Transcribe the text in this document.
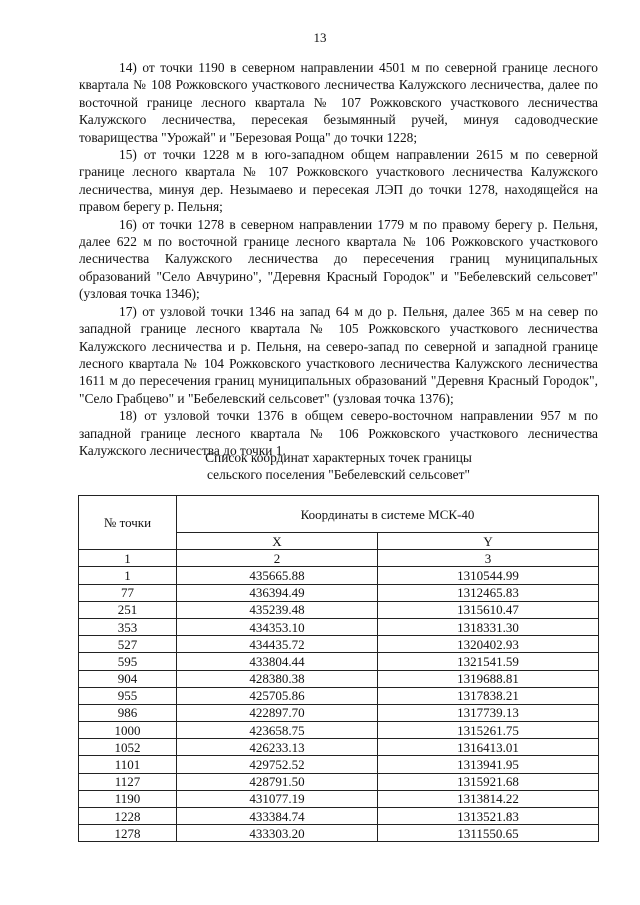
13

14) от точки 1190 в северном направлении 4501 м по северной границе лесного квартала № 108 Рожковского участкового лесничества Калужского лесничества, далее по восточной границе лесного квартала № 107 Рожковского участкового лесничества Калужского лесничества, пересекая безымянный ручей, минуя садоводческие товарищества "Урожай" и "Березовая Роща" до точки 1228;

15) от точки 1228 м в юго-западном общем направлении 2615 м по северной границе лесного квартала № 107 Рожковского участкового лесничества Калужского лесничества, минуя дер. Незымаево и пересекая ЛЭП до точки 1278, находящейся на правом берегу р. Пельня;

16) от точки 1278 в северном направлении 1779 м по правому берегу р. Пельня, далее 622 м по восточной границе лесного квартала № 106 Рожковского участкового лесничества Калужского лесничества до пересечения границ муниципальных образований "Село Авчурино", "Деревня Красный Городок" и "Бебелевский сельсовет" (узловая точка 1346);

17) от узловой точки 1346 на запад 64 м до р. Пельня, далее 365 м на север по западной границе лесного квартала № 105 Рожковского участкового лесничества Калужского лесничества и р. Пельня, на северо-запад по северной и западной границе лесного квартала № 104 Рожковского участкового лесничества Калужского лесничества 1611 м до пересечения границ муниципальных образований "Деревня Красный Городок", "Село Грабцево" и "Бебелевский сельсовет" (узловая точка 1376);

18) от узловой точки 1376 в общем северо-восточном направлении 957 м по западной границе лесного квартала № 106 Рожковского участкового лесничества Калужского лесничества до точки 1.

Список координат характерных точек границы
сельского поселения "Бебелевский сельсовет"
№ точки	Координаты в системе МСК-40	
	X	Y
1	2	3
1	435665.88	1310544.99
77	436394.49	1312465.83
251	435239.48	1315610.47
353	434353.10	1318331.30
527	434435.72	1320402.93
595	433804.44	1321541.59
904	428380.38	1319688.81
955	425705.86	1317838.21
986	422897.70	1317739.13
1000	423658.75	1315261.75
1052	426233.13	1316413.01
1101	429752.52	1313941.95
1127	428791.50	1315921.68
1190	431077.19	1313814.22
1228	433384.74	1313521.83
1278	433303.20	1311550.65
